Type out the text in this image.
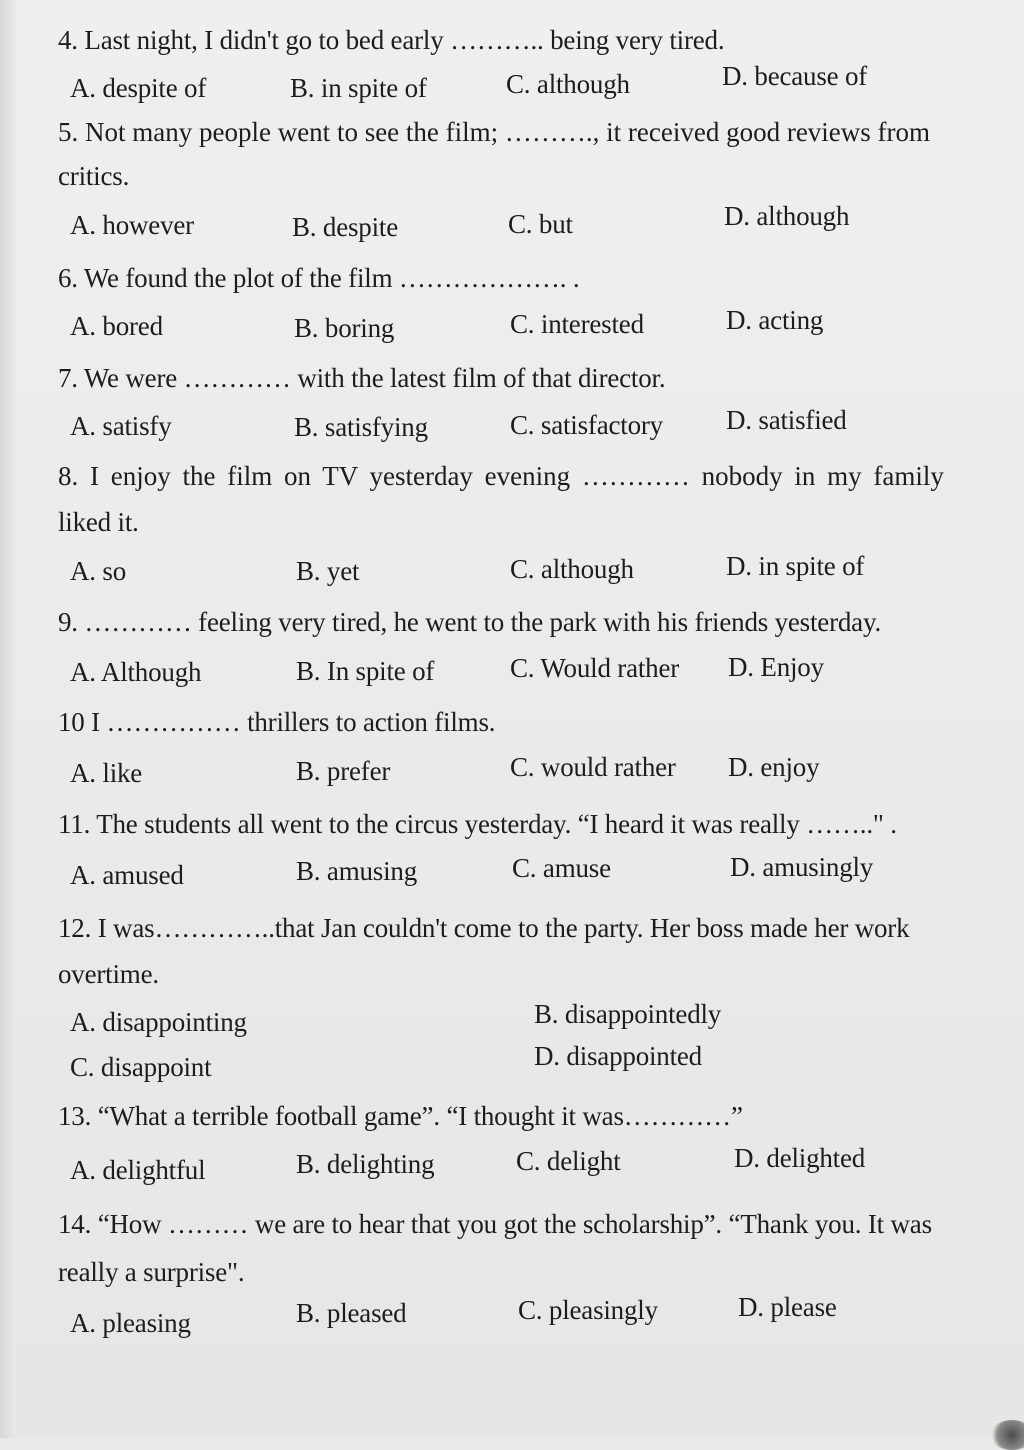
4. Last night, I didn't go to bed early ……….. being very tired.
A. despite of	B. in spite of	C. although	D. because of
5. Not many people went to see the film; ………., it received good reviews from
critics.
A. however	B. despite	C. but	D. although
6. We found the plot of the film ………………. .
A. bored	B. boring	C. interested	D. acting
7. We were ………… with the latest film of that director.
A. satisfy	B. satisfying	C. satisfactory D. satisfied
8. I enjoy the film on TV yesterday evening ………… nobody in my family
liked it.
A. so	B. yet	C. although	D. in spite of
9. ………… feeling very tired, he went to the park with his friends yesterday.
A. Although	B. In spite of	C. Would rather D. Enjoy
10 I …………… thrillers to action films.
A. like	B. prefer	C. would rather D. enjoy
11. The students all went to the circus yesterday. “I heard it was really …….." .
A. amused	B. amusing	C. amuse	D. amusingly
12. I was…………..that Jan couldn't come to the party. Her boss made her work
overtime.
A. disappointing	B. disappointedly
C. disappoint	D. disappointed
13. “What a terrible football game”. “I thought it was…………”
A. delightful	B. delighting	C. delight	D. delighted
14. “How ……… we are to hear that you got the scholarship”. “Thank you. It was
really a surprise".
A. pleasing	B. pleased	C. pleasingly	D. please
